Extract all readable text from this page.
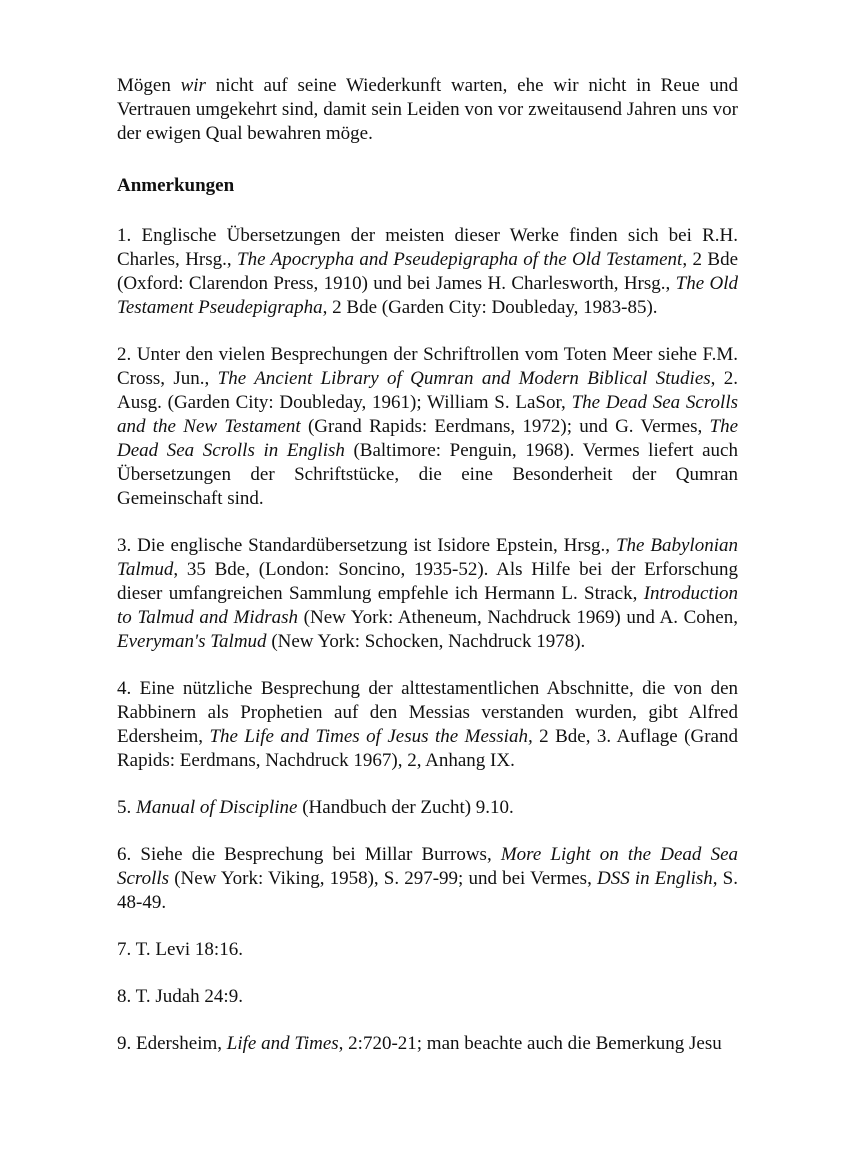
Mögen wir nicht auf seine Wiederkunft warten, ehe wir nicht in Reue und Vertrauen umgekehrt sind, damit sein Leiden von vor zweitausend Jahren uns vor der ewigen Qual bewahren möge.

Anmerkungen

1. Englische Übersetzungen der meisten dieser Werke finden sich bei R.H. Charles, Hrsg., The Apocrypha and Pseudepigrapha of the Old Testament, 2 Bde (Oxford: Clarendon Press, 1910) und bei James H. Charlesworth, Hrsg., The Old Testament Pseudepigrapha, 2 Bde (Garden City: Doubleday, 1983-85).

2. Unter den vielen Besprechungen der Schriftrollen vom Toten Meer siehe F.M. Cross, Jun., The Ancient Library of Qumran and Modern Biblical Studies, 2. Ausg. (Garden City: Doubleday, 1961); William S. LaSor, The Dead Sea Scrolls and the New Testament (Grand Rapids: Eerdmans, 1972); und G. Vermes, The Dead Sea Scrolls in English (Baltimore: Penguin, 1968). Vermes liefert auch Übersetzungen der Schriftstücke, die eine Besonderheit der Qumran Gemeinschaft sind.

3. Die englische Standardübersetzung ist Isidore Epstein, Hrsg., The Babylonian Talmud, 35 Bde, (London: Soncino, 1935-52). Als Hilfe bei der Erforschung dieser umfangreichen Sammlung empfehle ich Hermann L. Strack, Introduction to Talmud and Midrash (New York: Atheneum, Nachdruck 1969) und A. Cohen, Everyman's Talmud (New York: Schocken, Nachdruck 1978).

4. Eine nützliche Besprechung der alttestamentlichen Abschnitte, die von den Rabbinern als Prophetien auf den Messias verstanden wurden, gibt Alfred Edersheim, The Life and Times of Jesus the Messiah, 2 Bde, 3. Auflage (Grand Rapids: Eerdmans, Nachdruck 1967), 2, Anhang IX.

5. Manual of Discipline (Handbuch der Zucht) 9.10.

6. Siehe die Besprechung bei Millar Burrows, More Light on the Dead Sea Scrolls (New York: Viking, 1958), S. 297-99; und bei Vermes, DSS in English, S. 48-49.

7. T. Levi 18:16.

8. T. Judah 24:9.

9. Edersheim, Life and Times, 2:720-21; man beachte auch die Bemerkung Jesu
